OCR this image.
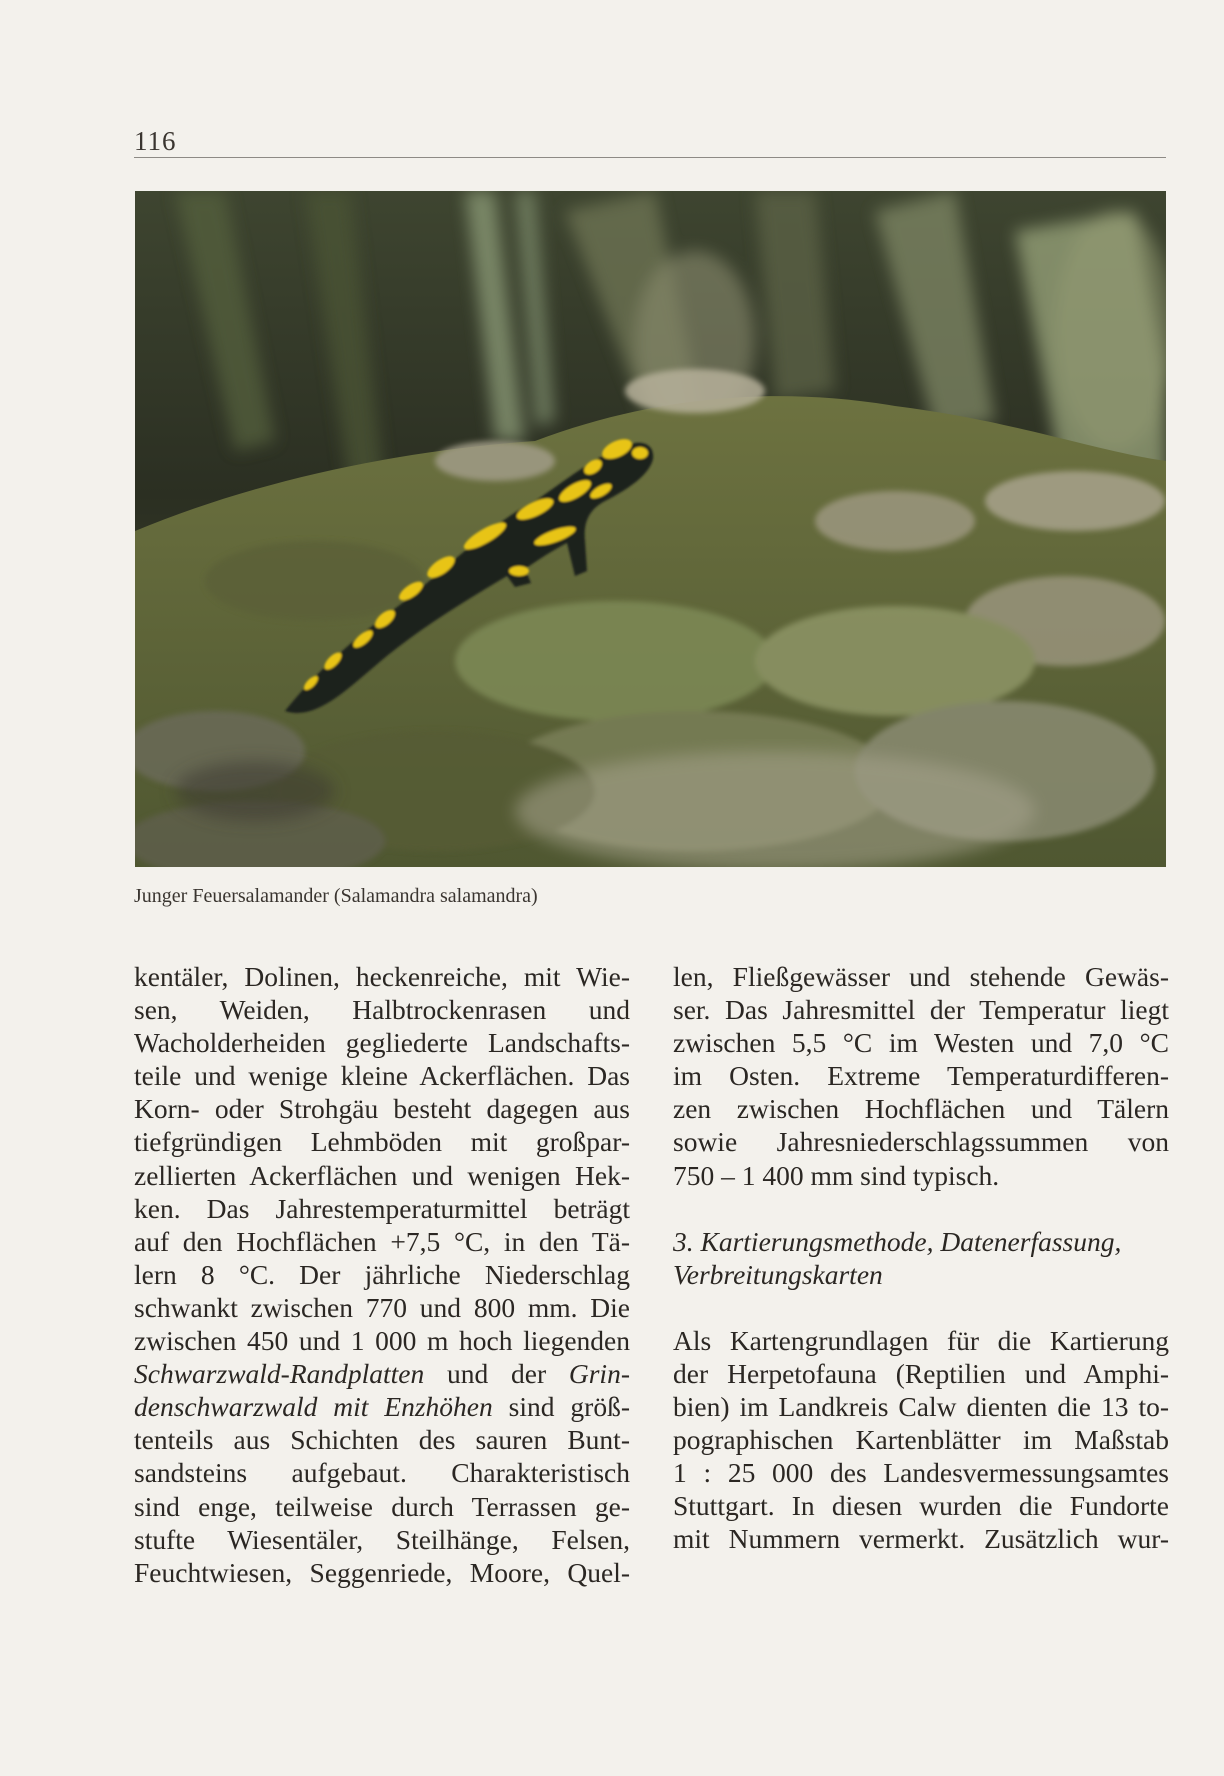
116
Junger Feuersalamander (Salamandra salamandra)
kentäler, Dolinen, heckenreiche, mit Wie-
sen, Weiden, Halbtrockenrasen und
Wacholderheiden gegliederte Landschafts-
teile und wenige kleine Ackerflächen. Das
Korn- oder Strohgäu besteht dagegen aus
tiefgründigen Lehmböden mit großpar-
zellierten Ackerflächen und wenigen Hek-
ken. Das Jahrestemperaturmittel beträgt
auf den Hochflächen +7,5 °C, in den Tä-
lern 8 °C. Der jährliche Niederschlag
schwankt zwischen 770 und 800 mm. Die
zwischen 450 und 1 000 m hoch liegenden
Schwarzwald-Randplatten und der Grin-
denschwarzwald mit Enzhöhen sind größ-
tenteils aus Schichten des sauren Bunt-
sandsteins aufgebaut. Charakteristisch
sind enge, teilweise durch Terrassen ge-
stufte Wiesentäler, Steilhänge, Felsen,
Feuchtwiesen, Seggenriede, Moore, Quel-
len, Fließgewässer und stehende Gewäs-
ser. Das Jahresmittel der Temperatur liegt
zwischen 5,5 °C im Westen und 7,0 °C
im Osten. Extreme Temperaturdifferen-
zen zwischen Hochflächen und Tälern
sowie Jahresniederschlagssummen von
750 – 1 400 mm sind typisch.
3. Kartierungsmethode, Datenerfassung,
Verbreitungskarten
Als Kartengrundlagen für die Kartierung
der Herpetofauna (Reptilien und Amphi-
bien) im Landkreis Calw dienten die 13 to-
pographischen Kartenblätter im Maßstab
1 : 25 000 des Landesvermessungsamtes
Stuttgart. In diesen wurden die Fundorte
mit Nummern vermerkt. Zusätzlich wur-
